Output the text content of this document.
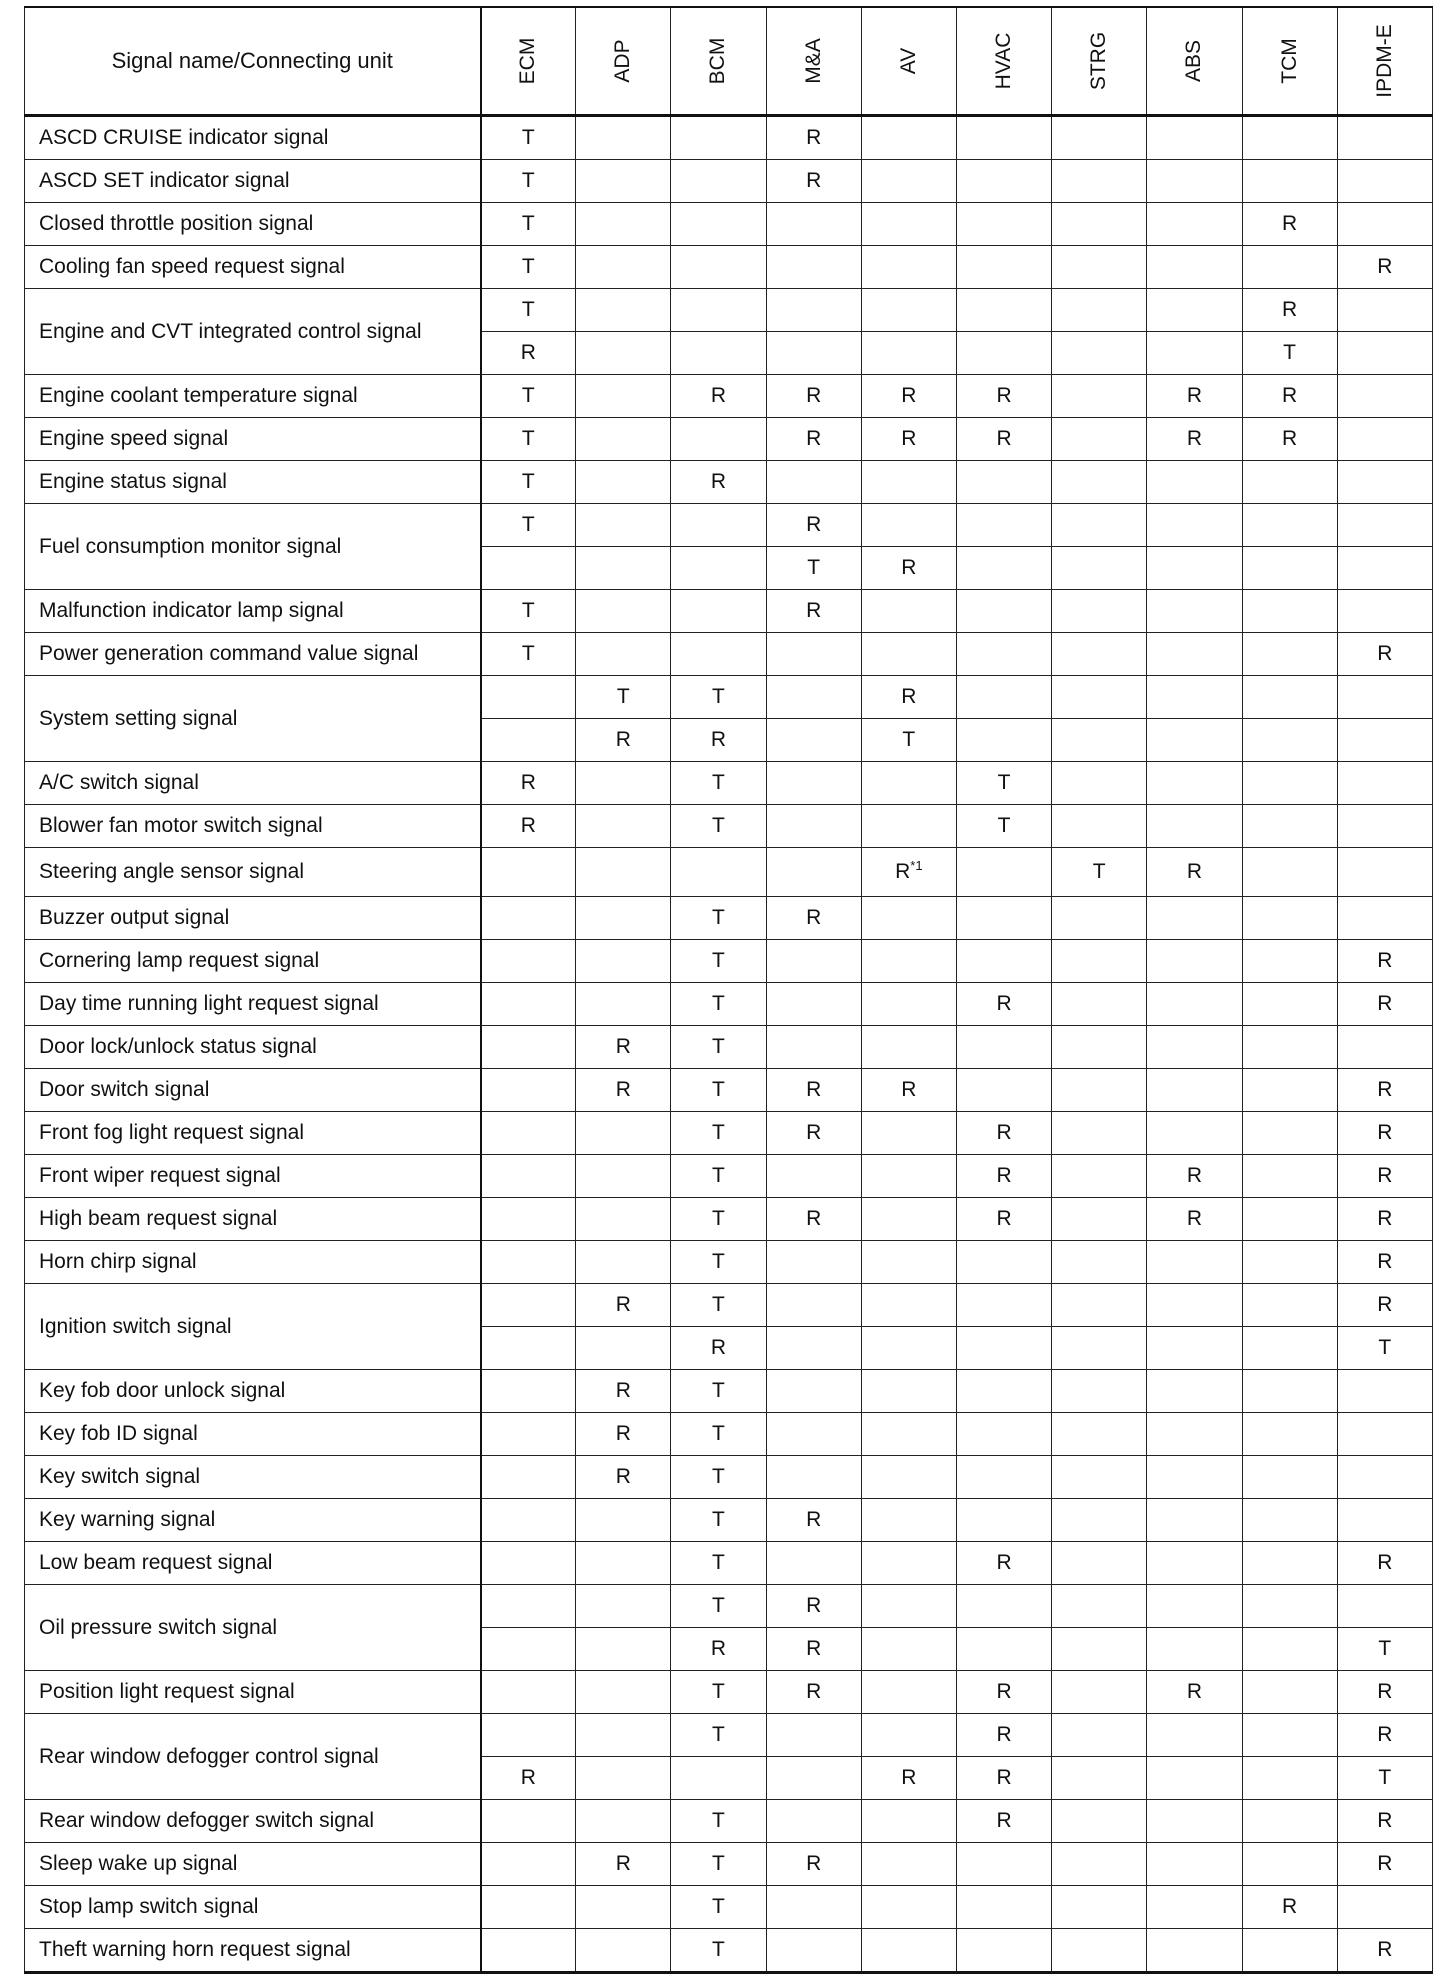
Signal name/Connecting unit	ECM	ADP	BCM	M&A	AV	HVAC	STRG	ABS	TCM	IPDM-E

ASCD CRUISE indicator signal	T			R						
ASCD SET indicator signal	T			R						
Closed throttle position signal	T								R	
Cooling fan speed request signal	T									R
Engine and CVT integrated control signal	T								R	
	R								T	
Engine coolant temperature signal	T		R	R	R	R		R	R	
Engine speed signal	T			R	R	R		R	R	
Engine status signal	T		R							
Fuel consumption monitor signal	T			R						
				T	R					
Malfunction indicator lamp signal	T			R						
Power generation command value signal	T									R
System setting signal		T	T		R					
		R	R		T					
A/C switch signal	R		T			T				
Blower fan motor switch signal	R		T			T				
Steering angle sensor signal					$R^{*1}$		T	R		
Buzzer output signal			T	R						
Cornering lamp request signal			T							R
Day time running light request signal			T			R				R
Door lock/unlock status signal		R	T							
Door switch signal		R	T	R	R					R
Front fog light request signal			T	R		R				R
Front wiper request signal			T			R		R		R
High beam request signal			T	R		R		R		R
Horn chirp signal			T							R
Ignition switch signal		R	T							R
			R							T
Key fob door unlock signal		R	T							
Key fob ID signal		R	T							
Key switch signal		R	T							
Key warning signal			T	R						
Low beam request signal			T			R				R
Oil pressure switch signal			T	R						
			R	R						T
Position light request signal			T	R		R		R		R
Rear window defogger control signal			T			R				R
	R				R	R				T
Rear window defogger switch signal			T			R				R
Sleep wake up signal		R	T	R						R
Stop lamp switch signal			T						R	
Theft warning horn request signal			T							R
